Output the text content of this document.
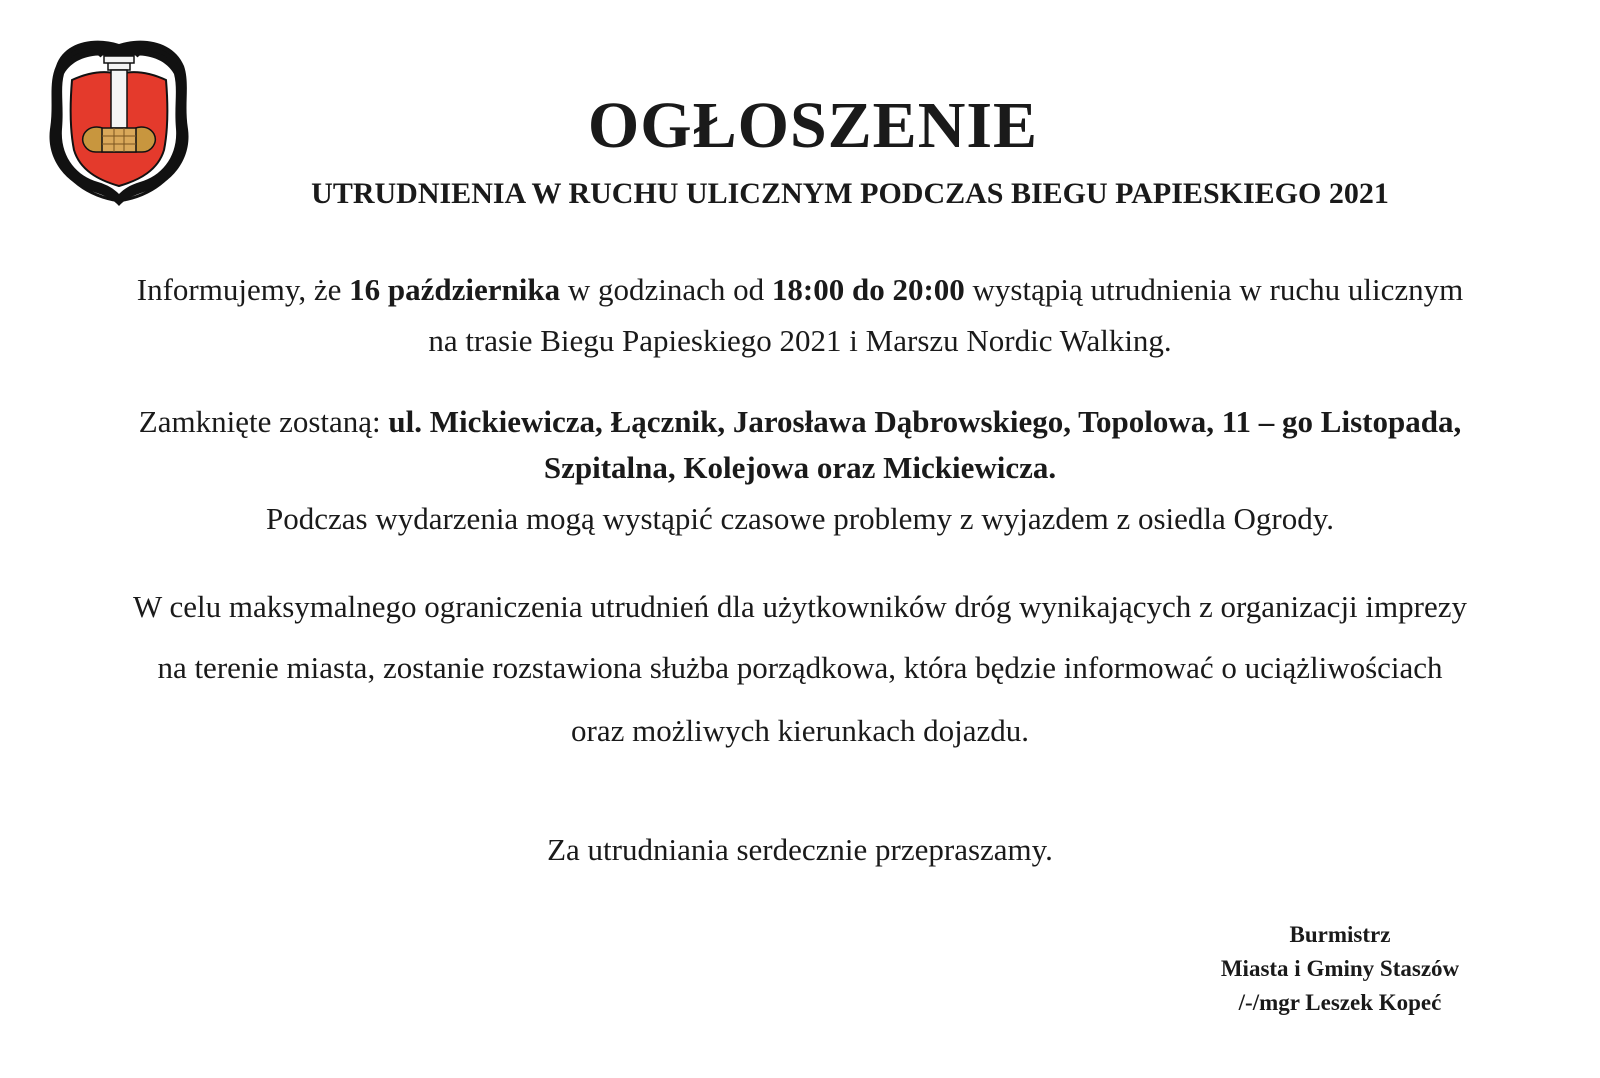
OGŁOSZENIE
UTRUDNIENIA W RUCHU ULICZNYM PODCZAS BIEGU PAPIESKIEGO 2021
Informujemy, że 16 października w godzinach od 18:00 do 20:00 wystąpią utrudnienia w ruchu ulicznym
na trasie Biegu Papieskiego 2021 i Marszu Nordic Walking.
Zamknięte zostaną: ul. Mickiewicza, Łącznik, Jarosława Dąbrowskiego, Topolowa, 11 – go Listopada,
Szpitalna, Kolejowa oraz Mickiewicza.
Podczas wydarzenia mogą wystąpić czasowe problemy z wyjazdem z osiedla Ogrody.
W celu maksymalnego ograniczenia utrudnień dla użytkowników dróg wynikających z organizacji imprezy
na terenie miasta, zostanie rozstawiona służba porządkowa, która będzie informować o uciążliwościach
oraz możliwych kierunkach dojazdu.
Za utrudniania serdecznie przepraszamy.
Burmistrz
Miasta i Gminy Staszów
/-/mgr Leszek Kopeć
